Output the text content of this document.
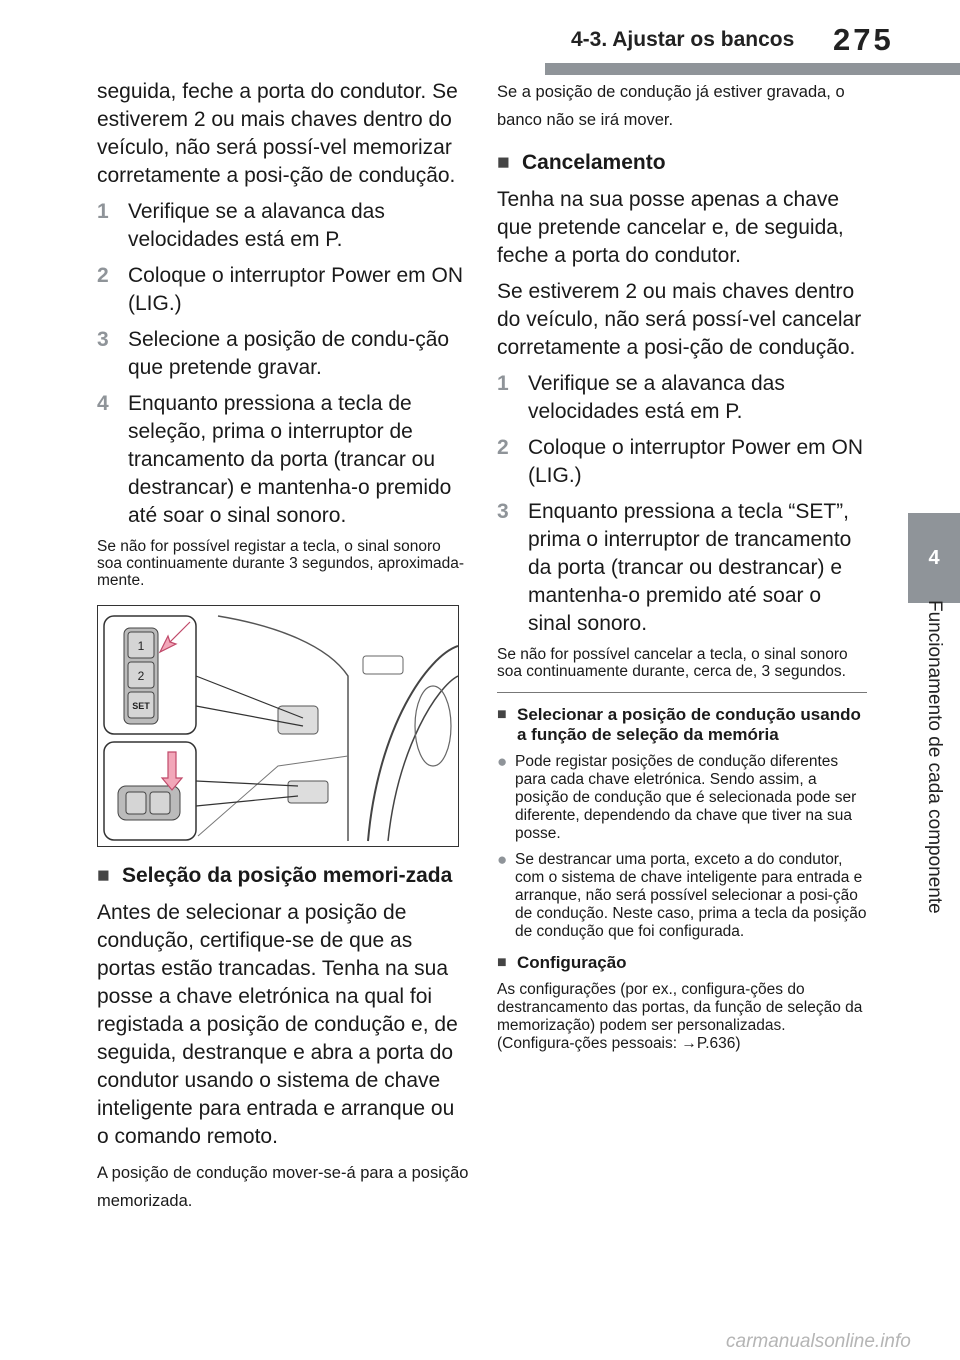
4-3. Ajustar os bancos 275
4
Funcionamento de cada componente

seguida, feche a porta do condutor. Se estiverem 2 ou mais chaves dentro do veículo, não será possí-vel memorizar corretamente a posi-ção de condução.

1 Verifique se a alavanca das velocidades está em P.
2 Coloque o interruptor Power em ON (LIG.)
3 Selecione a posição de condu-ção que pretende gravar.
4 Enquanto pressiona a tecla de seleção, prima o interruptor de trancamento da porta (trancar ou destrancar) e mantenha-o premido até soar o sinal sonoro.

Se não for possível registar a tecla, o sinal sonoro soa continuamente durante 3 segundos, aproximada-mente.

1
2
SET
■ Seleção da posição memori-zada

Antes de selecionar a posição de condução, certifique-se de que as portas estão trancadas. Tenha na sua posse a chave eletrónica na qual foi registada a posição de condução e, de seguida, destranque e abra a porta do condutor usando o sistema de chave inteligente para entrada e arranque ou o comando remoto.

A posição de condução mover-se-á para a posição memorizada.

Se a posição de condução já estiver gravada, o banco não se irá mover.

■ Cancelamento

Tenha na sua posse apenas a chave que pretende cancelar e, de seguida, feche a porta do condutor.

Se estiverem 2 ou mais chaves dentro do veículo, não será possí-vel cancelar corretamente a posi-ção de condução.

1 Verifique se a alavanca das velocidades está em P.
2 Coloque o interruptor Power em ON (LIG.)
3 Enquanto pressiona a tecla “SET”, prima o interruptor de trancamento da porta (trancar ou destrancar) e mantenha-o premido até soar o sinal sonoro.

Se não for possível cancelar a tecla, o sinal sonoro soa continuamente durante, cerca de, 3 segundos.

■ Selecionar a posição de condução usando a função de seleção da memória
● Pode registar posições de condução diferentes para cada chave eletrónica. Sendo assim, a posição de condução que é selecionada pode ser diferente, dependendo da chave que tiver na sua posse.
● Se destrancar uma porta, exceto a do condutor, com o sistema de chave inteligente para entrada e arranque, não será possível selecionar a posi-ção de condução. Neste caso, prima a tecla da posição de condução que foi configurada.
■ Configuração

As configurações (por ex., configura-ções do destrancamento das portas, da função de seleção da memorização) podem ser personalizadas. (Configura-ções pessoais: →P.636)

carmanualsonline.info
